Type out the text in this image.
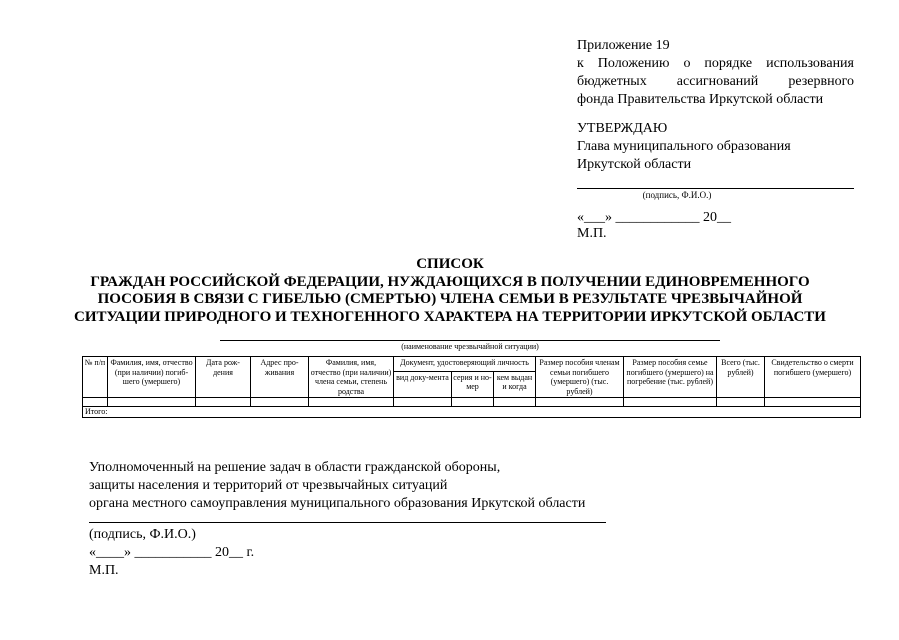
Приложение 19
к Положению о порядке использования
бюджетных ассигнований резервного
фонда Правительства Иркутской области
УТВЕРЖДАЮ
Глава муниципального образования
Иркутской области
(подпись, Ф.И.О.)
«___» ____________ 20__
М.П.
СПИСОК
ГРАЖДАН РОССИЙСКОЙ ФЕДЕРАЦИИ, НУЖДАЮЩИХСЯ В ПОЛУЧЕНИИ ЕДИНОВРЕМЕННОГО
ПОСОБИЯ В СВЯЗИ С ГИБЕЛЬЮ (СМЕРТЬЮ) ЧЛЕНА СЕМЬИ В РЕЗУЛЬТАТЕ ЧРЕЗВЫЧАЙНОЙ
СИТУАЦИИ ПРИРОДНОГО И ТЕХНОГЕННОГО ХАРАКТЕРА НА ТЕРРИТОРИИ ИРКУТСКОЙ ОБЛАСТИ
(наименование чрезвычайной ситуации)
№ п/п	Фамилия, имя, отчество (при наличии) погиб-шего (умершего)	Дата рож-дения	Адрес про-живания	Фамилия, имя, отчество (при наличии) члена семьи, степень родства	Документ, удостоверяющий личность			Размер пособия членам семьи погибшего (умершего) (тыс. рублей)	Размер пособия семье погибшего (умершего) на погребение (тыс. рублей)	Всего (тыс. рублей)	Свидетельство о смерти погибшего (умершего)
					вид доку-мента	серия и но-мер	кем выдан и когда				

Итого:											
Уполномоченный на решение задач в области гражданской обороны,
защиты населения и территорий от чрезвычайных ситуаций
органа местного самоуправления муниципального образования Иркутской области
(подпись, Ф.И.О.)
«____» ___________ 20__ г.
М.П.
